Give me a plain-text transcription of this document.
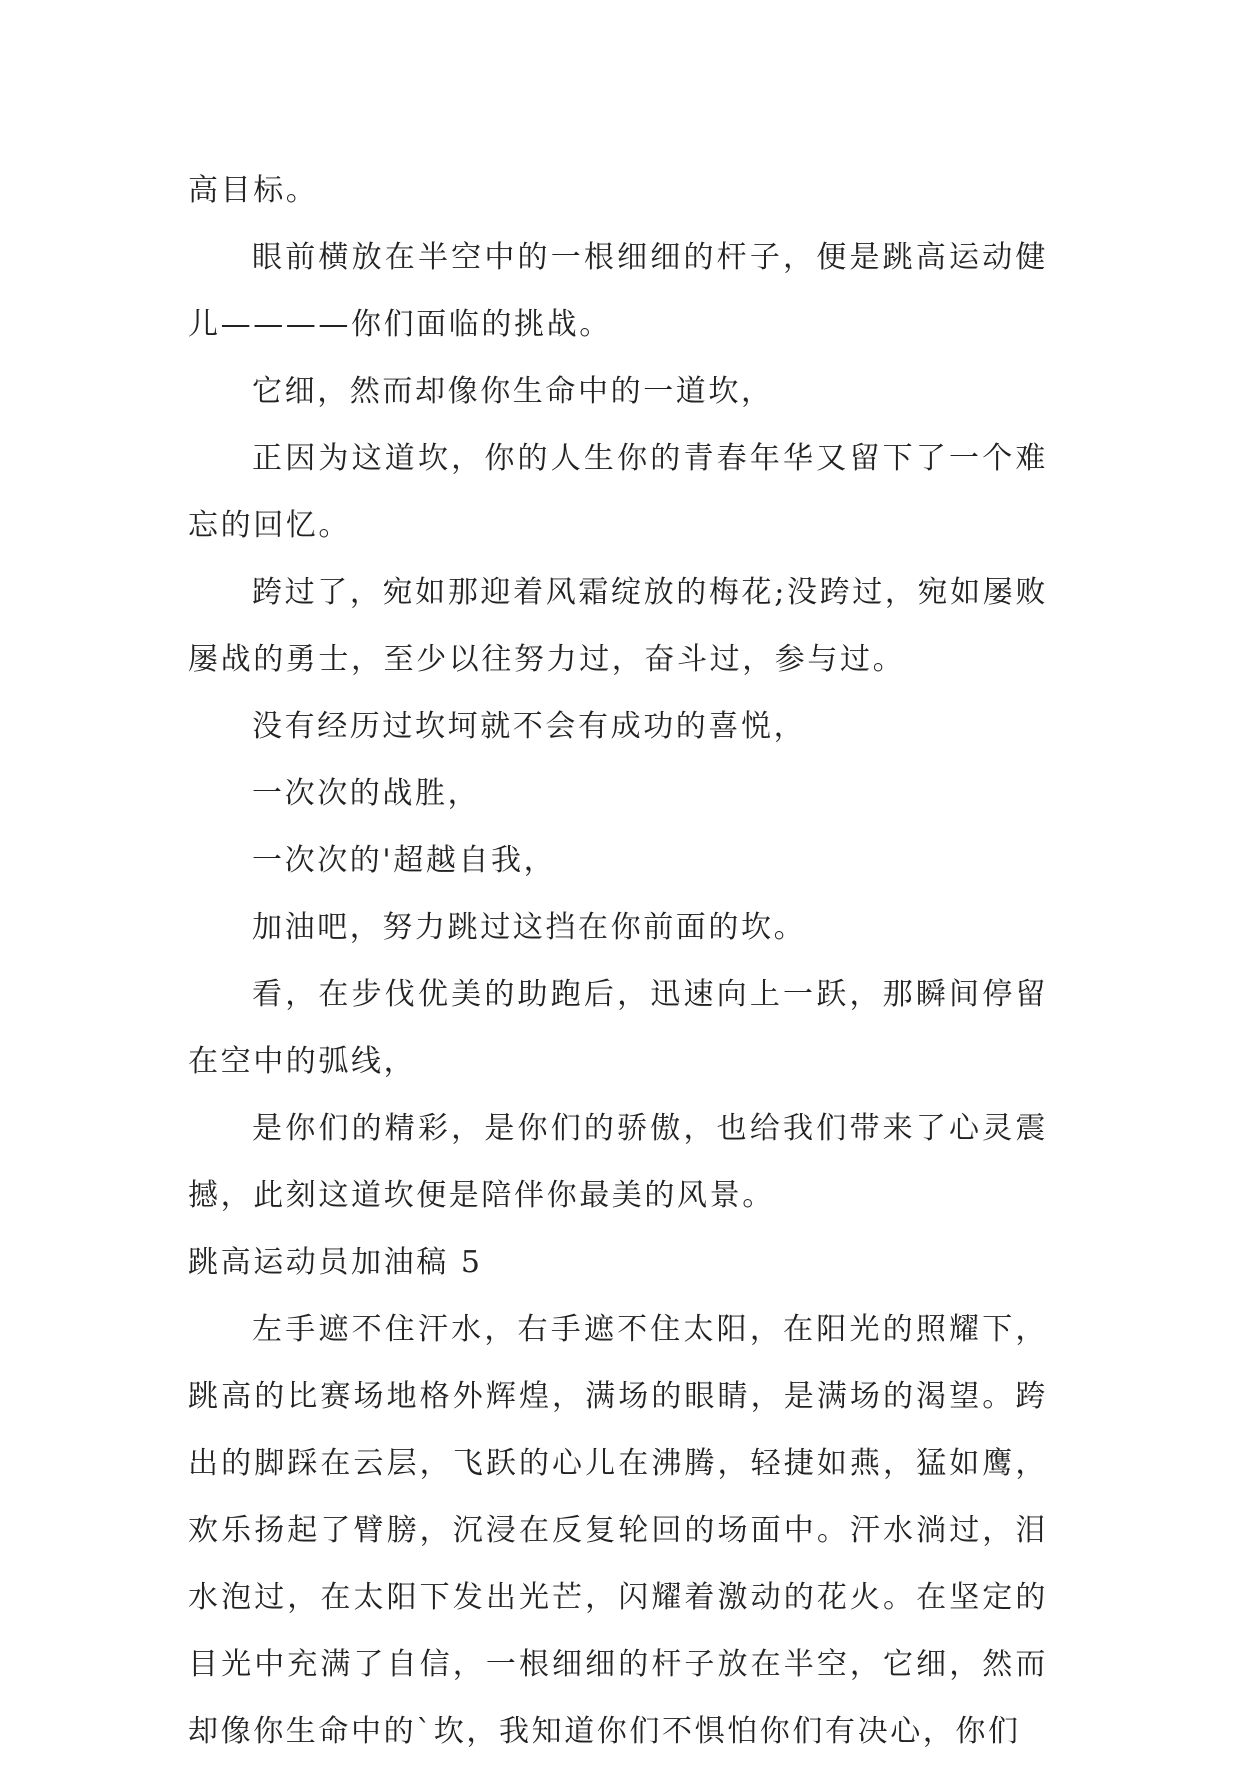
高目标。

眼前横放在半空中的一根细细的杆子，便是跳高运动健儿————你们面临的挑战。

它细，然而却像你生命中的一道坎，

正因为这道坎，你的人生你的青春年华又留下了一个难忘的回忆。

跨过了，宛如那迎着风霜绽放的梅花;没跨过，宛如屡败屡战的勇士，至少以往努力过，奋斗过，参与过。

没有经历过坎坷就不会有成功的喜悦，

一次次的战胜，

一次次的'超越自我，

加油吧，努力跳过这挡在你前面的坎。

看，在步伐优美的助跑后，迅速向上一跃，那瞬间停留在空中的弧线，

是你们的精彩，是你们的骄傲，也给我们带来了心灵震撼，此刻这道坎便是陪伴你最美的风景。

跳高运动员加油稿 5

左手遮不住汗水，右手遮不住太阳，在阳光的照耀下，跳高的比赛场地格外辉煌，满场的眼睛，是满场的渴望。跨出的脚踩在云层，飞跃的心儿在沸腾，轻捷如燕，猛如鹰，欢乐扬起了臂膀，沉浸在反复轮回的场面中。汗水淌过，泪水泡过，在太阳下发出光芒，闪耀着激动的花火。在坚定的目光中充满了自信，一根细细的杆子放在半空，它细，然而却像你生命中的`坎，我知道你们不惧怕你们有决心，你们
